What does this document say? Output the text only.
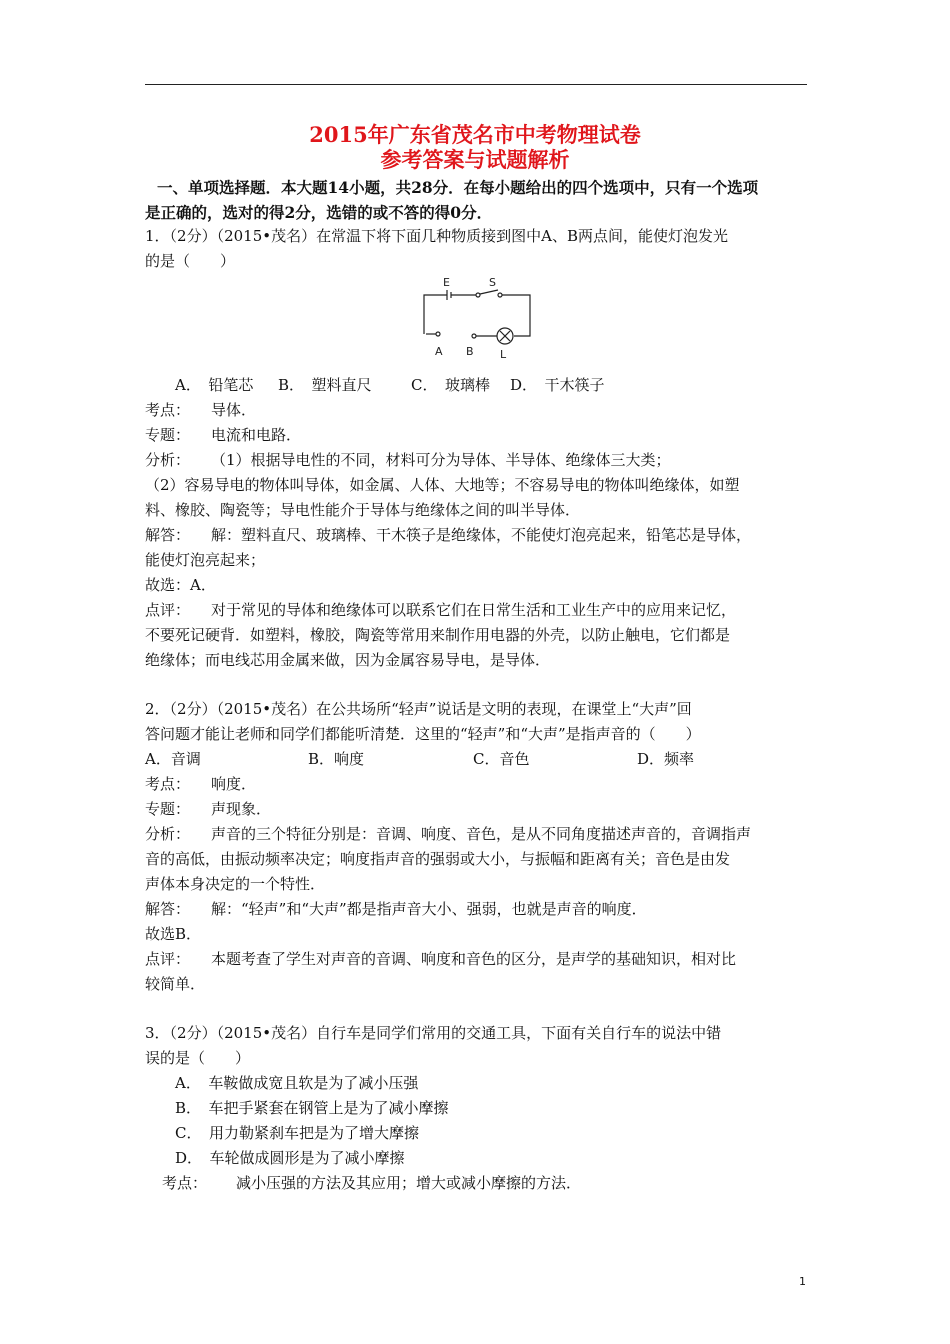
2015年广东省茂名市中考物理试卷
参考答案与试题解析
一、单项选择题．本大题14小题，共28分．在每小题给出的四个选项中，只有一个选项
是正确的，选对的得2分，选错的或不答的得0分．
1．（2分）（2015•茂名）在常温下将下面几种物质接到图中A、B两点间，能使灯泡发光
的是（　　）
E	S
A B L
A．　铅笔芯 B．　塑料直尺	C．　玻璃棒 D．　干木筷子
考点： 导体．
专题： 电流和电路．
分析： （1）根据导电性的不同，材料可分为导体、半导体、绝缘体三大类；
（2）容易导电的物体叫导体，如金属、人体、大地等；不容易导电的物体叫绝缘体，如塑
料、橡胶、陶瓷等；导电性能介于导体与绝缘体之间的叫半导体．
解答： 解：塑料直尺、玻璃棒、干木筷子是绝缘体，不能使灯泡亮起来，铅笔芯是导体，
能使灯泡亮起来；
故选：A．
点评： 对于常见的导体和绝缘体可以联系它们在日常生活和工业生产中的应用来记忆，
不要死记硬背．如塑料，橡胶，陶瓷等常用来制作用电器的外壳，以防止触电，它们都是
绝缘体；而电线芯用金属来做，因为金属容易导电，是导体．
2．（2分）（2015•茂名）在公共场所“轻声”说话是文明的表现，在课堂上“大声”回
答问题才能让老师和同学们都能听清楚．这里的“轻声”和“大声”是指声音的（　　）
A．音调	B．响度	C．音色	D．频率
考点： 响度．
专题： 声现象．
分析： 声音的三个特征分别是：音调、响度、音色，是从不同角度描述声音的，音调指声
音的高低，由振动频率决定；响度指声音的强弱或大小，与振幅和距离有关；音色是由发
声体本身决定的一个特性．
解答： 解：“轻声”和“大声”都是指声音大小、强弱，也就是声音的响度．
故选B．
点评： 本题考查了学生对声音的音调、响度和音色的区分，是声学的基础知识，相对比
较简单．
3．（2分）（2015•茂名）自行车是同学们常用的交通工具，下面有关自行车的说法中错
误的是（　　）
A．　车鞍做成宽且软是为了减小压强
B．　车把手紧套在钢管上是为了减小摩擦
C．　用力勒紧刹车把是为了增大摩擦
D．　车轮做成圆形是为了减小摩擦
考点： 减小压强的方法及其应用；增大或减小摩擦的方法．
1
